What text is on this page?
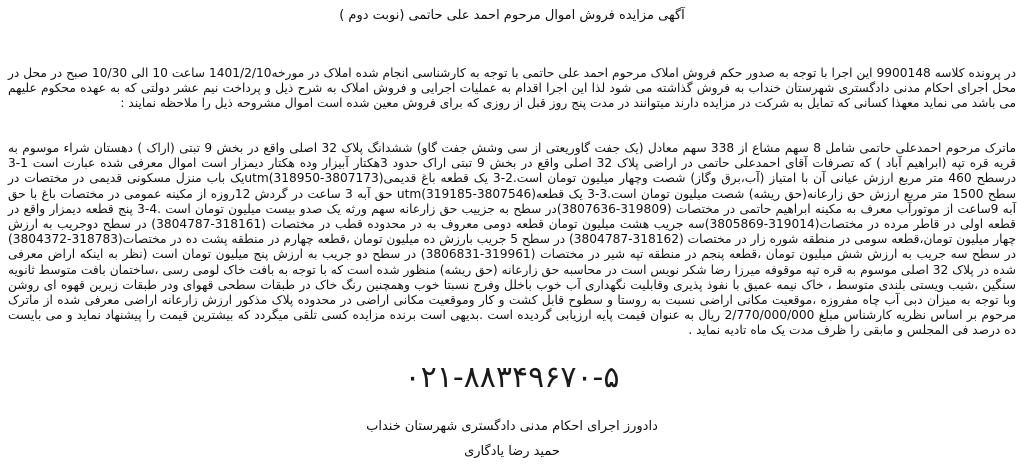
آگهی مزایده فروش اموال مرحوم احمد علی حاتمی (نوبت دوم )

در پرونده کلاسه 9900148 این اجرا با توجه به صدور حکم فروش املاک مرحوم احمد علی حاتمی با توجه به کارشناسی انجام شده املاک در مورخه1401/2/10 ساعت 10 الی 10/30 صبح در محل در محل اجرای احکام مدنی دادگستری شهرستان خنداب به فروش گذاشته می شود لذا این اجرا اقدام به عملیات اجرایی و فروش املاک به شرح ذیل و پرداخت نیم عشر دولتی که به عهده محکوم علیهم می باشد می نماید معهذا کسانی که تمایل به شرکت در مزایده دارند میتوانند در مدت پنج روز قبل از روزی که برای فروش معین شده است اموال مشروحه ذیل را ملاحظه نمایند :

ماترک مرحوم احمدعلی حاتمی شامل 8 سهم مشاع از 338 سهم معادل (یک جفت گاوریعتی از سی وشش جفت گاو) ششدانگ پلاک 32 اصلی واقع در بخش 9 تبتی (اراک ) دهستان شراء موسوم به قریه قره تپه (ابراهیم آباد ) که تصرفات آقای احمدعلی حاتمی در اراضی پلاک 32 اصلی واقع در بخش 9 تبتی اراک حدود 3هکتار آبیزار وده هکتار دیمزار است اموال معرفی شده عبارت است 1-3 درسطح 460 متر مربع ارزش عیانی آن با امتیاز (آب،برق وگاز) شصت وچهار میلیون تومان است.2-3 یک قطعه باغ قدیمی(3807173-318950)utmیک باب منزل مسکونی قدیمی در مختصات در سطح 1500 متر مربع ارزش حق زارعانه(حق ریشه) شصت میلیون تومان است.3-3 یک قطعه(3807546-319185)utm حق آبه 3 ساعت در گردش 12روزه از مکینه عمومی در مختصات باغ با حق آبه 9ساعت از موتورآب معرف به مکینه ابراهیم حاتمی در مختصات (319809-3807636)در سطح به جزییب حق زارعانه سهم ورثه یک صدو بیست میلیون تومان است .4-3 پنج قطعه دیمزار واقع در قطعه اولی در قاطر مرده در مختصات(319014-3805869)سه جریب هشت میلیون تومان قطعه دومی معروف به در محدوده قطب در مختصات (318161-3804787) در سطح دوجریب به ارزش چهار میلیون تومان،قطعه سومی در منطقه شوره زار در مختصات (318162-3804787) در سطح 5 جریب بارزش ده میلیون تومان ،قطعه چهارم در منطقه پشت ده در مختصات(318783-3804372) در سطح سه جریب به ارزش شش میلیون تومان ،قطعه پنجم در منطقه تپه شیر در مختصات (319961-3806831) در سطح دو جریب به ارزش پنج میلیون تومان است (نظر به اینکه اراض معرفی شده در پلاک 32 اصلی موسوم به قره تپه موقوفه میرزا رضا شکر نویس است در محاسبه حق زارعانه (حق ریشه) منظور شده است که با توجه به بافت خاک لومی رسی ،ساختمان بافت متوسط ثانویه سنگین ،شیب ویستی بلندی متوسط ، خاک نیمه عمیق با نفوذ پذیری وقابلیت نگهداری آب خوب باخلل وفرج نسبتا خوب وهمچنین رنگ خاک در طبقات سطحی قهوای ودر طبقات زیرین قهوه ای روشن وبا توجه به میزان دبی آب چاه مفروزه ،موقعیت مکانی اراضی نسبت به روستا و سطوح قابل کشت و کار وموقعیت مکانی اراضی در محدوده پلاک مذکور ارزش زارعانه اراضی معرفی شده از ماترک مرحوم بر اساس نظریه کارشناس مبلغ 2/770/000/000 ریال به عنوان قیمت پایه ارزیابی گردیده است .بدیهی است برنده مزایده کسی تلقی میگردد که بیشترین قیمت را پیشنهاد نماید و می بایست ده درصد فی المجلس و مابقی را ظرف مدت یک ماه تادیه نماید .

۰۲۱-۸۸۳۴۹۶۷۰-۵
دادورز اجرای احکام مدنی دادگستری شهرستان خنداب
حمید رضا یادگاری
